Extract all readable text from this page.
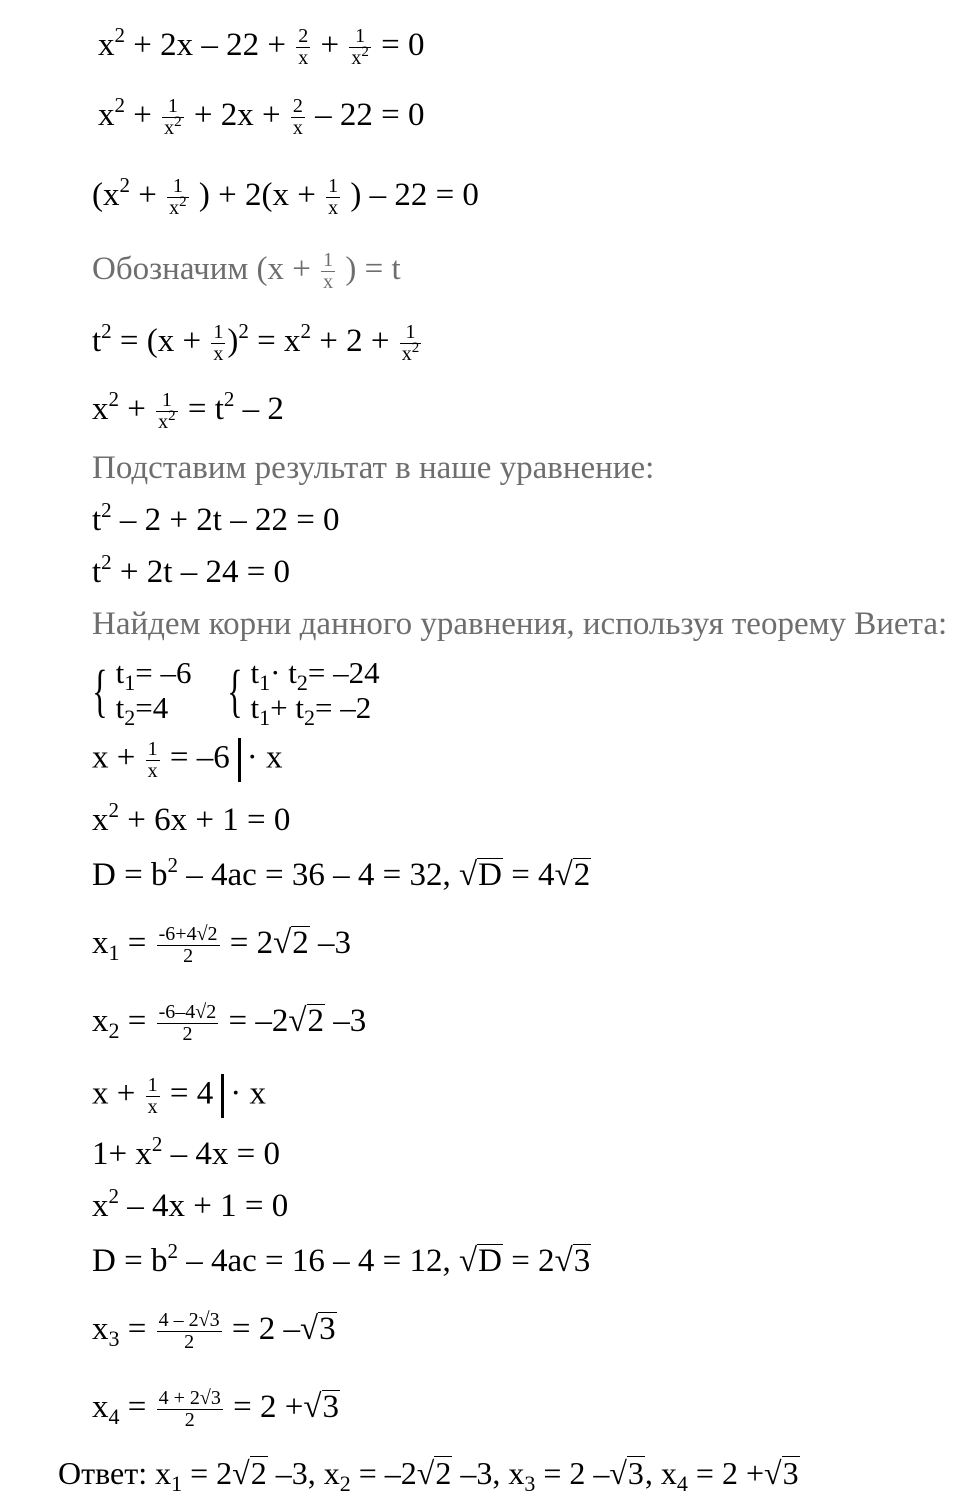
$x^2 + 2x - 22 + \frac{2}{x} + \frac{1}{x^2} = 0$
$x^2 + \frac{1}{x^2} + 2x + \frac{2}{x} - 22 = 0$
($x^2 + \frac{1}{x^2}$ ) + $2(x + \frac{1}{x}$ ) – 22 = 0
Обозначим ($x + \frac{1}{x}$ ) = t
$t^2 = (x + \frac{1}{x} )^2 = x^2 + 2 + \frac{1}{x^2}$
$x^2 + \frac{1}{x^2} = t^2 - 2$
Подставим результат в наше уравнение:
$t^2 - 2 + 2t - 22 = 0$
$t^2 + 2t - 24 = 0$
Найдем корни данного уравнения, используя теорему Виета:
{ $t_1= -6$
$t_2=4$	{ $t_1\cdot t_2= -24$
$t_1+ t_2= -2$
$x + \frac{1}{x} = -6 \cdot x$
$x^2 + 6x + 1 = 0$
$D = b^2 - 4ac = 36 - 4 = 32$, √D = 4√2
$x_1 = \frac{-6+4√2}{2} = 2√2$ –3
$x_2 = \frac{-6-4√2}{2} = -2√2$ –3
$x + \frac{1}{x} = 4 \cdot x$
$1+ x^2 - 4x = 0$
$x^2 - 4x + 1 = 0$
$D = b^2 - 4ac = 16 - 4 = 12$, √D = 2√3
$x_3 = \frac{4 - 2√3}{2} = 2$ –√3
$x_4 = \frac{4 + 2√3}{2} = 2 +√3$
Ответ: $x_1 = 2√2$ –3, $x_2 = -2√2$ –3, $x_3 = 2$ –√3, $x_4 = 2 +√3$
